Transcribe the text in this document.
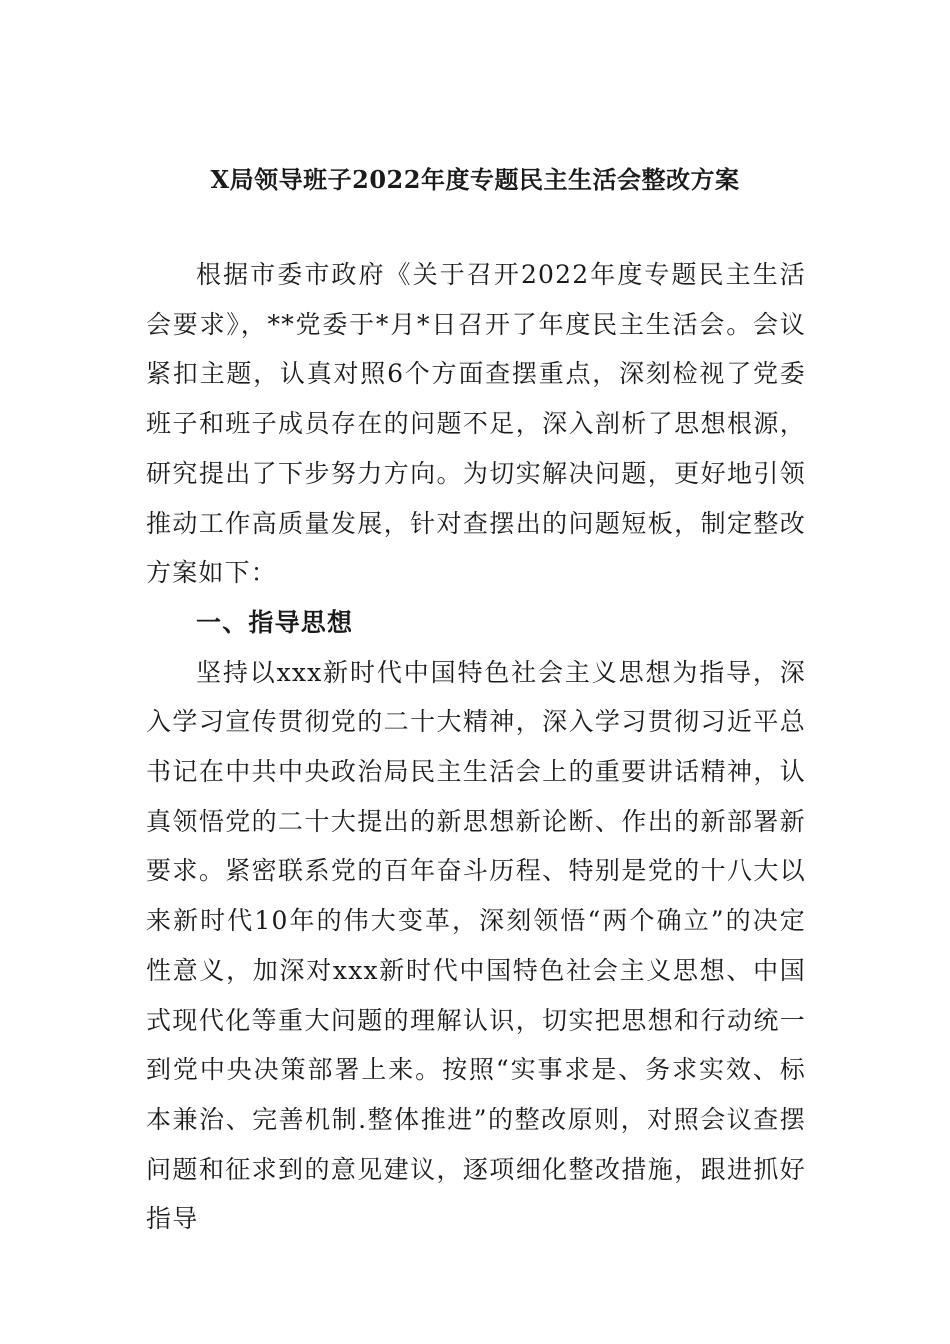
X局领导班子2022年度专题民主生活会整改方案

根据市委市政府《关于召开2022年度专题民主生活会要求》，**党委于*月*日召开了年度民主生活会。会议紧扣主题，认真对照6个方面查摆重点，深刻检视了党委班子和班子成员存在的问题不足，深入剖析了思想根源，研究提出了下步努力方向。为切实解决问题，更好地引领推动工作高质量发展，针对查摆出的问题短板，制定整改方案如下：

一、指导思想

坚持以xxx新时代中国特色社会主义思想为指导，深入学习宣传贯彻党的二十大精神，深入学习贯彻习近平总书记在中共中央政治局民主生活会上的重要讲话精神，认真领悟党的二十大提出的新思想新论断、作出的新部署新要求。紧密联系党的百年奋斗历程、特别是党的十八大以来新时代10年的伟大变革，深刻领悟“两个确立”的决定性意义，加深对xxx新时代中国特色社会主义思想、中国式现代化等重大问题的理解认识，切实把思想和行动统一到党中央决策部署上来。按照“实事求是、务求实效、标本兼治、完善机制.整体推进”的整改原则，对照会议查摆问题和征求到的意见建议，逐项细化整改措施，跟进抓好指导
